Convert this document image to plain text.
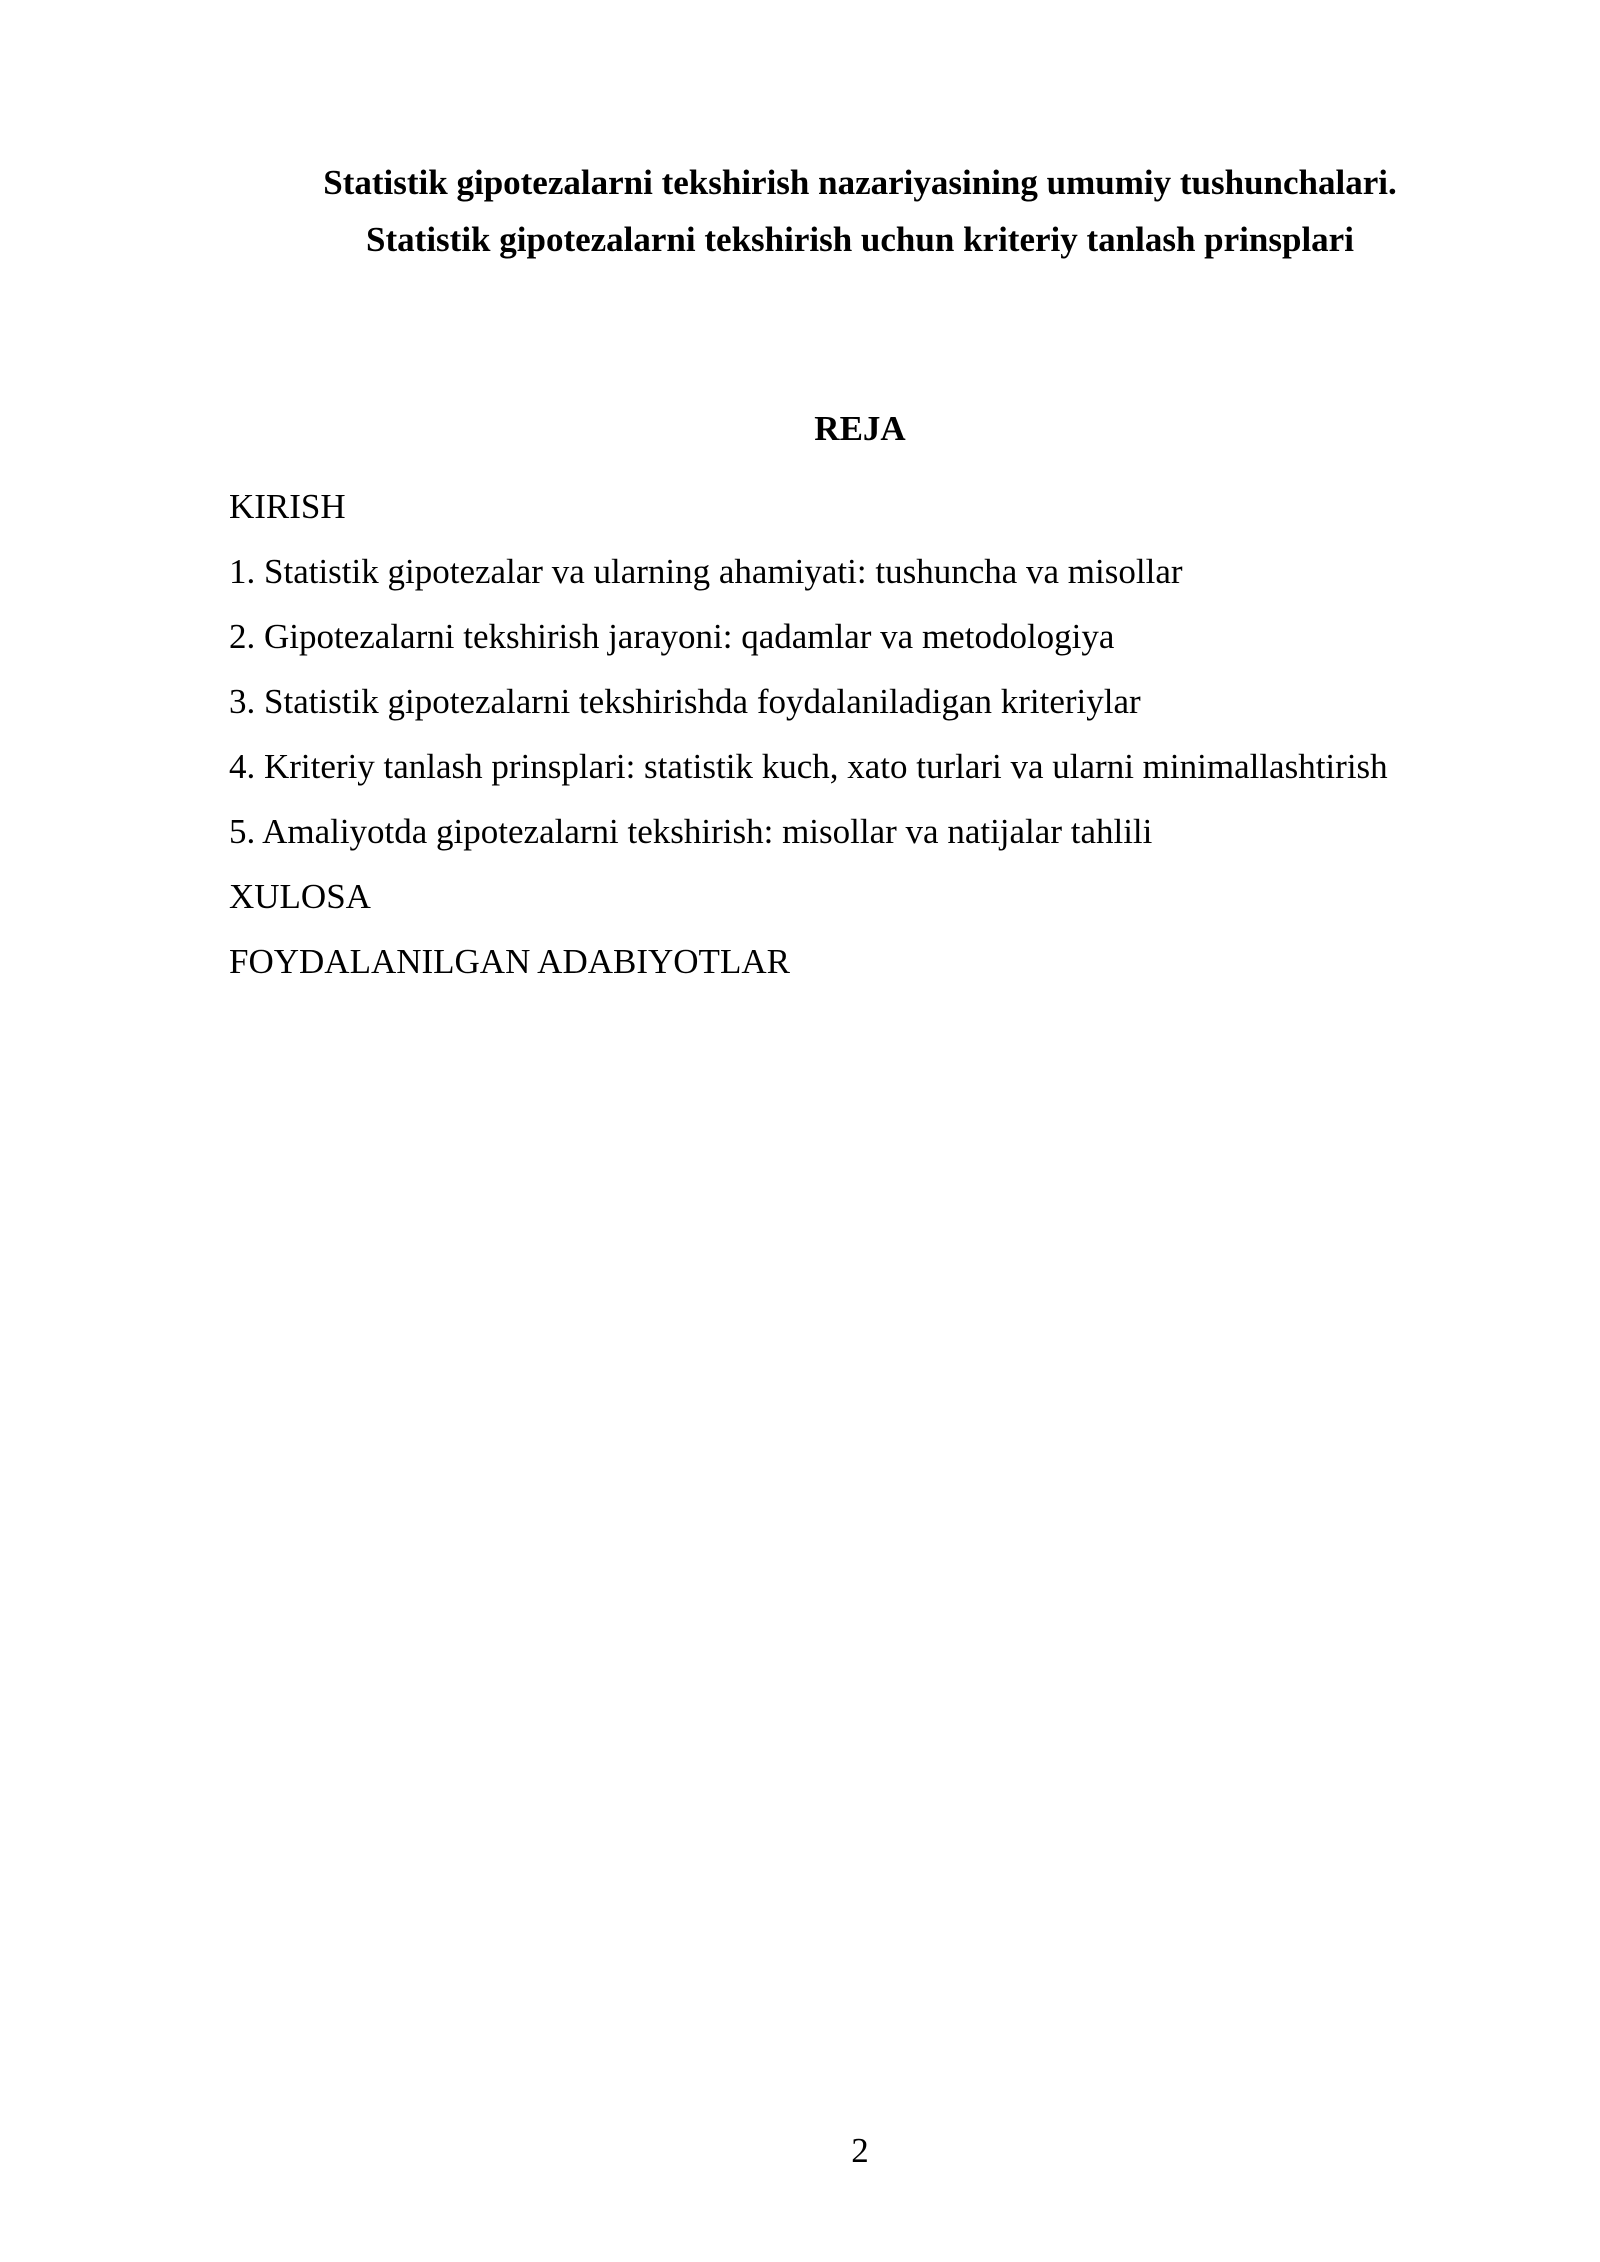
Statistik gipotezalarni tekshirish nazariyasining umumiy tushunchalari.
Statistik gipotezalarni tekshirish uchun kriteriy tanlash prinsplari
REJA
KIRISH
1. Statistik gipotezalar va ularning ahamiyati: tushuncha va misollar
2. Gipotezalarni tekshirish jarayoni: qadamlar va metodologiya
3. Statistik gipotezalarni tekshirishda foydalaniladigan kriteriylar
4. Kriteriy tanlash prinsplari: statistik kuch, xato turlari va ularni minimallashtirish
5. Amaliyotda gipotezalarni tekshirish: misollar va natijalar tahlili
XULOSA
FOYDALANILGAN ADABIYOTLAR
2
